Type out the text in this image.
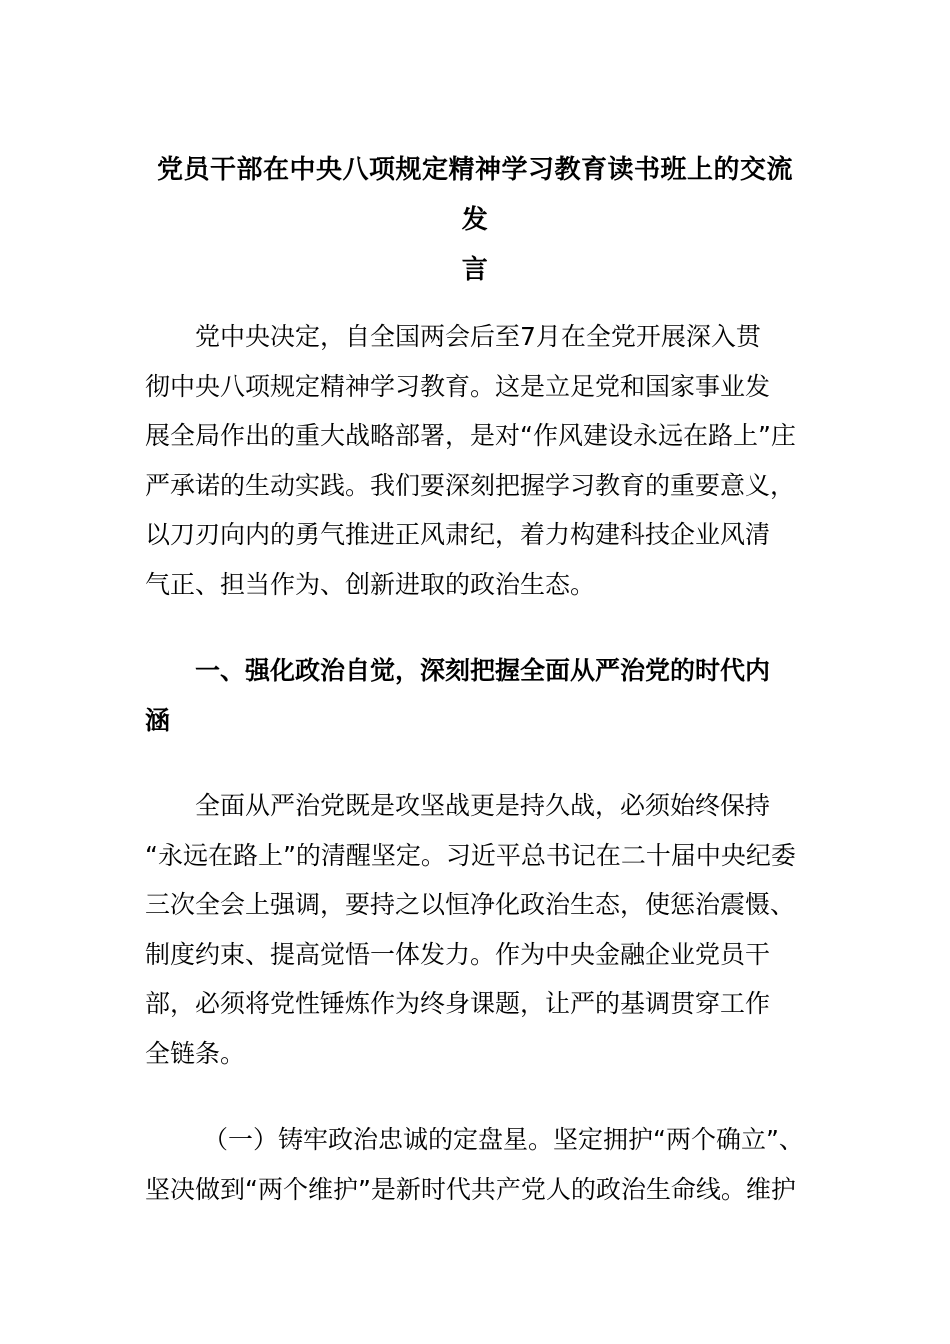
党员干部在中央八项规定精神学习教育读书班上的交流发
言
党中央决定，自全国两会后至7月在全党开展深入贯
彻中央八项规定精神学习教育。这是立足党和国家事业发
展全局作出的重大战略部署，是对“作风建设永远在路上”庄
严承诺的生动实践。我们要深刻把握学习教育的重要意义，
以刀刃向内的勇气推进正风肃纪，着力构建科技企业风清
气正、担当作为、创新进取的政治生态。
一、强化政治自觉，深刻把握全面从严治党的时代内
涵
全面从严治党既是攻坚战更是持久战，必须始终保持
“永远在路上”的清醒坚定。习近平总书记在二十届中央纪委
三次全会上强调，要持之以恒净化政治生态，使惩治震慑、
制度约束、提高觉悟一体发力。作为中央金融企业党员干
部，必须将党性锤炼作为终身课题，让严的基调贯穿工作
全链条。
（一）铸牢政治忠诚的定盘星。坚定拥护“两个确立”、
坚决做到“两个维护”是新时代共产党人的政治生命线。维护
